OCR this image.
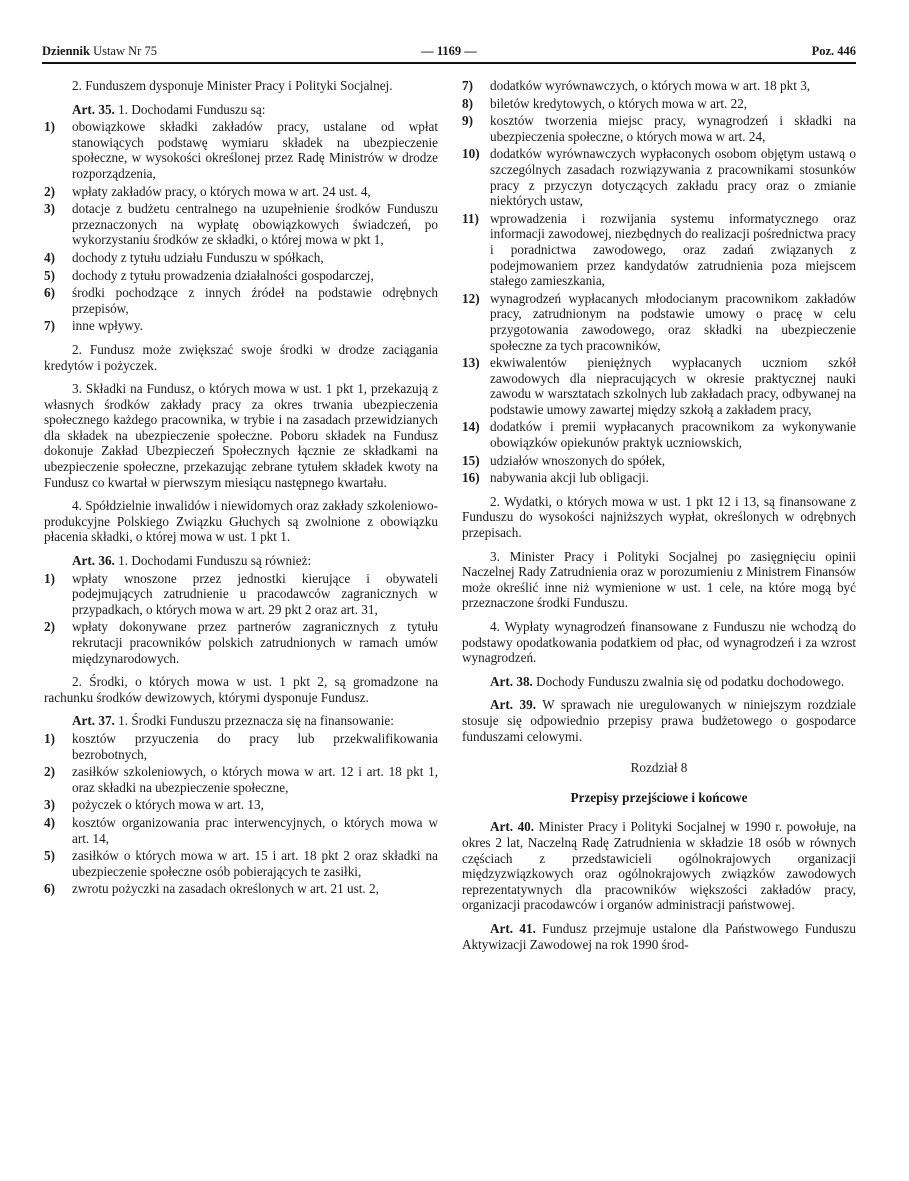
Dziennik Ustaw Nr 75	— 1169 —	Poz. 446

2. Funduszem dysponuje Minister Pracy i Polityki Socjalnej.

Art. 35. 1. Dochodami Funduszu są:

1)	obowiązkowe składki zakładów pracy, ustalane od wpłat stanowiących podstawę wymiaru składek na ubezpieczenie społeczne, w wysokości określonej przez Radę Ministrów w drodze rozporządzenia,
2)	wpłaty zakładów pracy, o których mowa w art. 24 ust. 4,
3)	dotacje z budżetu centralnego na uzupełnienie środków Funduszu przeznaczonych na wypłatę obowiązkowych świadczeń, po wykorzystaniu środków ze składki, o której mowa w pkt 1,
4)	dochody z tytułu udziału Funduszu w spółkach,
5)	dochody z tytułu prowadzenia działalności gospodarczej,
6)	środki pochodzące z innych źródeł na podstawie odrębnych przepisów,
7)	inne wpływy.

2. Fundusz może zwiększać swoje środki w drodze zaciągania kredytów i pożyczek.

3. Składki na Fundusz, o których mowa w ust. 1 pkt 1, przekazują z własnych środków zakłady pracy za okres trwania ubezpieczenia społecznego każdego pracownika, w trybie i na zasadach przewidzianych dla składek na ubezpieczenie społeczne. Poboru składek na Fundusz dokonuje Zakład Ubezpieczeń Społecznych łącznie ze składkami na ubezpieczenie społeczne, przekazując zebrane tytułem składek kwoty na Fundusz co kwartał w pierwszym miesiącu następnego kwartału.

4. Spółdzielnie inwalidów i niewidomych oraz zakłady szkoleniowo-produkcyjne Polskiego Związku Głuchych są zwolnione z obowiązku płacenia składki, o której mowa w ust. 1 pkt 1.

Art. 36. 1. Dochodami Funduszu są również:

1)	wpłaty wnoszone przez jednostki kierujące i obywateli podejmujących zatrudnienie u pracodawców zagranicznych w przypadkach, o których mowa w art. 29 pkt 2 oraz art. 31,
2)	wpłaty dokonywane przez partnerów zagranicznych z tytułu rekrutacji pracowników polskich zatrudnionych w ramach umów międzynarodowych.

2. Środki, o których mowa w ust. 1 pkt 2, są gromadzone na rachunku środków dewizowych, którymi dysponuje Fundusz.

Art. 37. 1. Środki Funduszu przeznacza się na finansowanie:

1)	kosztów przyuczenia do pracy lub przekwalifikowania bezrobotnych,
2)	zasiłków szkoleniowych, o których mowa w art. 12 i art. 18 pkt 1, oraz składki na ubezpieczenie społeczne,
3)	pożyczek o których mowa w art. 13,
4)	kosztów organizowania prac interwencyjnych, o których mowa w art. 14,
5)	zasiłków o których mowa w art. 15 i art. 18 pkt 2 oraz składki na ubezpieczenie społeczne osób pobierających te zasiłki,
6)	zwrotu pożyczki na zasadach określonych w art. 21 ust. 2,
7)	dodatków wyrównawczych, o których mowa w art. 18 pkt 3,
8)	biletów kredytowych, o których mowa w art. 22,
9)	kosztów tworzenia miejsc pracy, wynagrodzeń i składki na ubezpieczenia społeczne, o których mowa w art. 24,
10) dodatków wyrównawczych wypłaconych osobom objętym ustawą o szczególnych zasadach rozwiązywania z pracownikami stosunków pracy z przyczyn dotyczących zakładu pracy oraz o zmianie niektórych ustaw,
11) wprowadzenia i rozwijania systemu informatycznego oraz informacji zawodowej, niezbędnych do realizacji pośrednictwa pracy i poradnictwa zawodowego, oraz zadań związanych z podejmowaniem przez kandydatów zatrudnienia poza miejscem stałego zamieszkania,
12) wynagrodzeń wypłacanych młodocianym pracownikom zakładów pracy, zatrudnionym na podstawie umowy o pracę w celu przygotowania zawodowego, oraz składki na ubezpieczenie społeczne za tych pracowników,
13) ekwiwalentów pieniężnych wypłacanych uczniom szkół zawodowych dla niepracujących w okresie praktycznej nauki zawodu w warsztatach szkolnych lub zakładach pracy, odbywanej na podstawie umowy zawartej między szkołą a zakładem pracy,
14) dodatków i premii wypłacanych pracownikom za wykonywanie obowiązków opiekunów praktyk uczniowskich,
15) udziałów wnoszonych do spółek,
16) nabywania akcji lub obligacji.

2. Wydatki, o których mowa w ust. 1 pkt 12 i 13, są finansowane z Funduszu do wysokości najniższych wypłat, określonych w odrębnych przepisach.

3. Minister Pracy i Polityki Socjalnej po zasięgnięciu opinii Naczelnej Rady Zatrudnienia oraz w porozumieniu z Ministrem Finansów może określić inne niż wymienione w ust. 1 cele, na które mogą być przeznaczone środki Funduszu.

4. Wypłaty wynagrodzeń finansowane z Funduszu nie wchodzą do podstawy opodatkowania podatkiem od płac, od wynagrodzeń i za wzrost wynagrodzeń.

Art. 38. Dochody Funduszu zwalnia się od podatku dochodowego.

Art. 39. W sprawach nie uregulowanych w niniejszym rozdziale stosuje się odpowiednio przepisy prawa budżetowego o gospodarce funduszami celowymi.

Rozdział 8
Przepisy przejściowe i końcowe

Art. 40. Minister Pracy i Polityki Socjalnej w 1990 r. powołuje, na okres 2 lat, Naczelną Radę Zatrudnienia w składzie 18 osób w równych częściach z przedstawicieli ogólnokrajowych organizacji międzyzwiązkowych oraz ogólnokrajowych związków zawodowych reprezentatywnych dla pracowników większości zakładów pracy, organizacji pracodawców i organów administracji państwowej.

Art. 41. Fundusz przejmuje ustalone dla Państwowego Funduszu Aktywizacji Zawodowej na rok 1990 środ-
